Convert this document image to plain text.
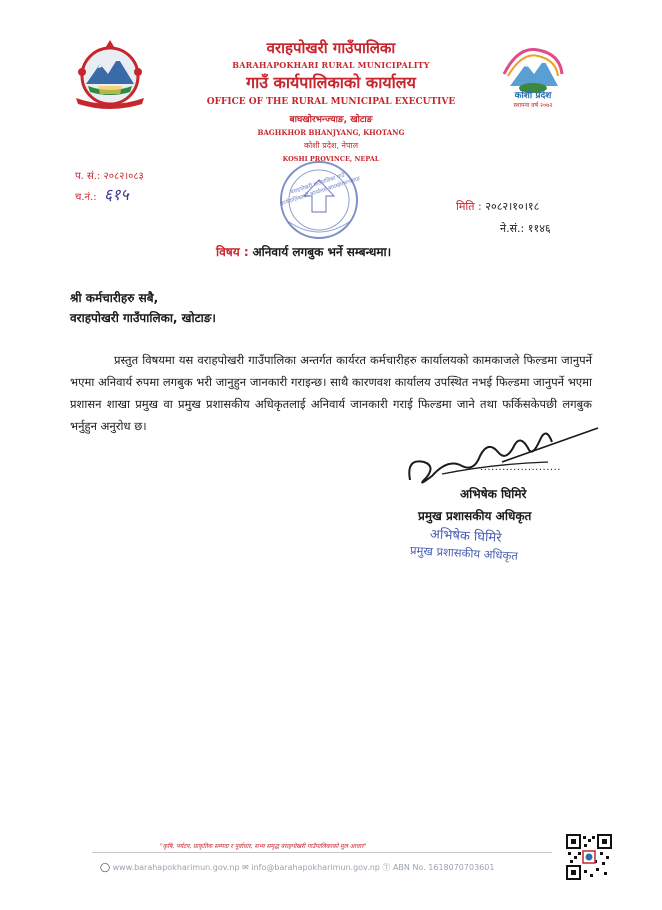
वराहपोखरी गाउँपालिका
BARAHAPOKHARI RURAL MUNICIPALITY
गाउँ कार्यपालिकाको कार्यालय
OFFICE OF THE RURAL MUNICIPAL EXECUTIVE
बाघखोरभन्ज्याङ, खोटाङ
BAGHKHOR BHANJYANG, KHOTANG
कोशी प्रदेश, नेपाल
KOSHI PROVINCE, NEPAL
कोशी प्रदेश
स्थापना वर्ष २०७२
प. सं.: २०८२।०८३
च.नं.: ६१५	वराहपोखरी गाउँपालिका गाउँ कार्यपालिकाको कार्यालय बाघखोरभन्ज्याङ	मिति : २०८२।१०।१८
ने.सं.: ११४६
विषय : अनिवार्य लगबुक भर्ने सम्बन्धमा।
श्री कर्मचारीहरु सबै,
वराहपोखरी गाउँपालिका, खोटाङ।
प्रस्तुत विषयमा यस वराहपोखरी गाउँपालिका अन्तर्गत कार्यरत कर्मचारीहरु कार्यालयको कामकाजले फिल्डमा जानुपर्ने भएमा अनिवार्य रुपमा लगबुक भरी जानुहुन जानकारी गराइन्छ। साथै कारणवश कार्यालय उपस्थित नभई फिल्डमा जानुपर्ने भएमा प्रशासन शाखा प्रमुख वा प्रमुख प्रशासकीय अधिकृतलाई अनिवार्य जानकारी गराई फिल्डमा जाने तथा फर्किसकेपछी लगबुक भर्नुहुन अनुरोध छ।
......................
अभिषेक घिमिरे
प्रमुख प्रशासकीय अधिकृत
अभिषेक घिमिरे
प्रमुख प्रशासकीय अधिकृत
"कृषि, पर्यटन, प्राकृतिक सम्पदा र पूर्वाधार, सभ्य समृद्ध वराहपोखरी गाउँपालिकाको मूल आधार"
◯ www.barahapokharimun.gov.np ✉ info@barahapokharimun.gov.np Ⓣ ABN No. 1618070703601
